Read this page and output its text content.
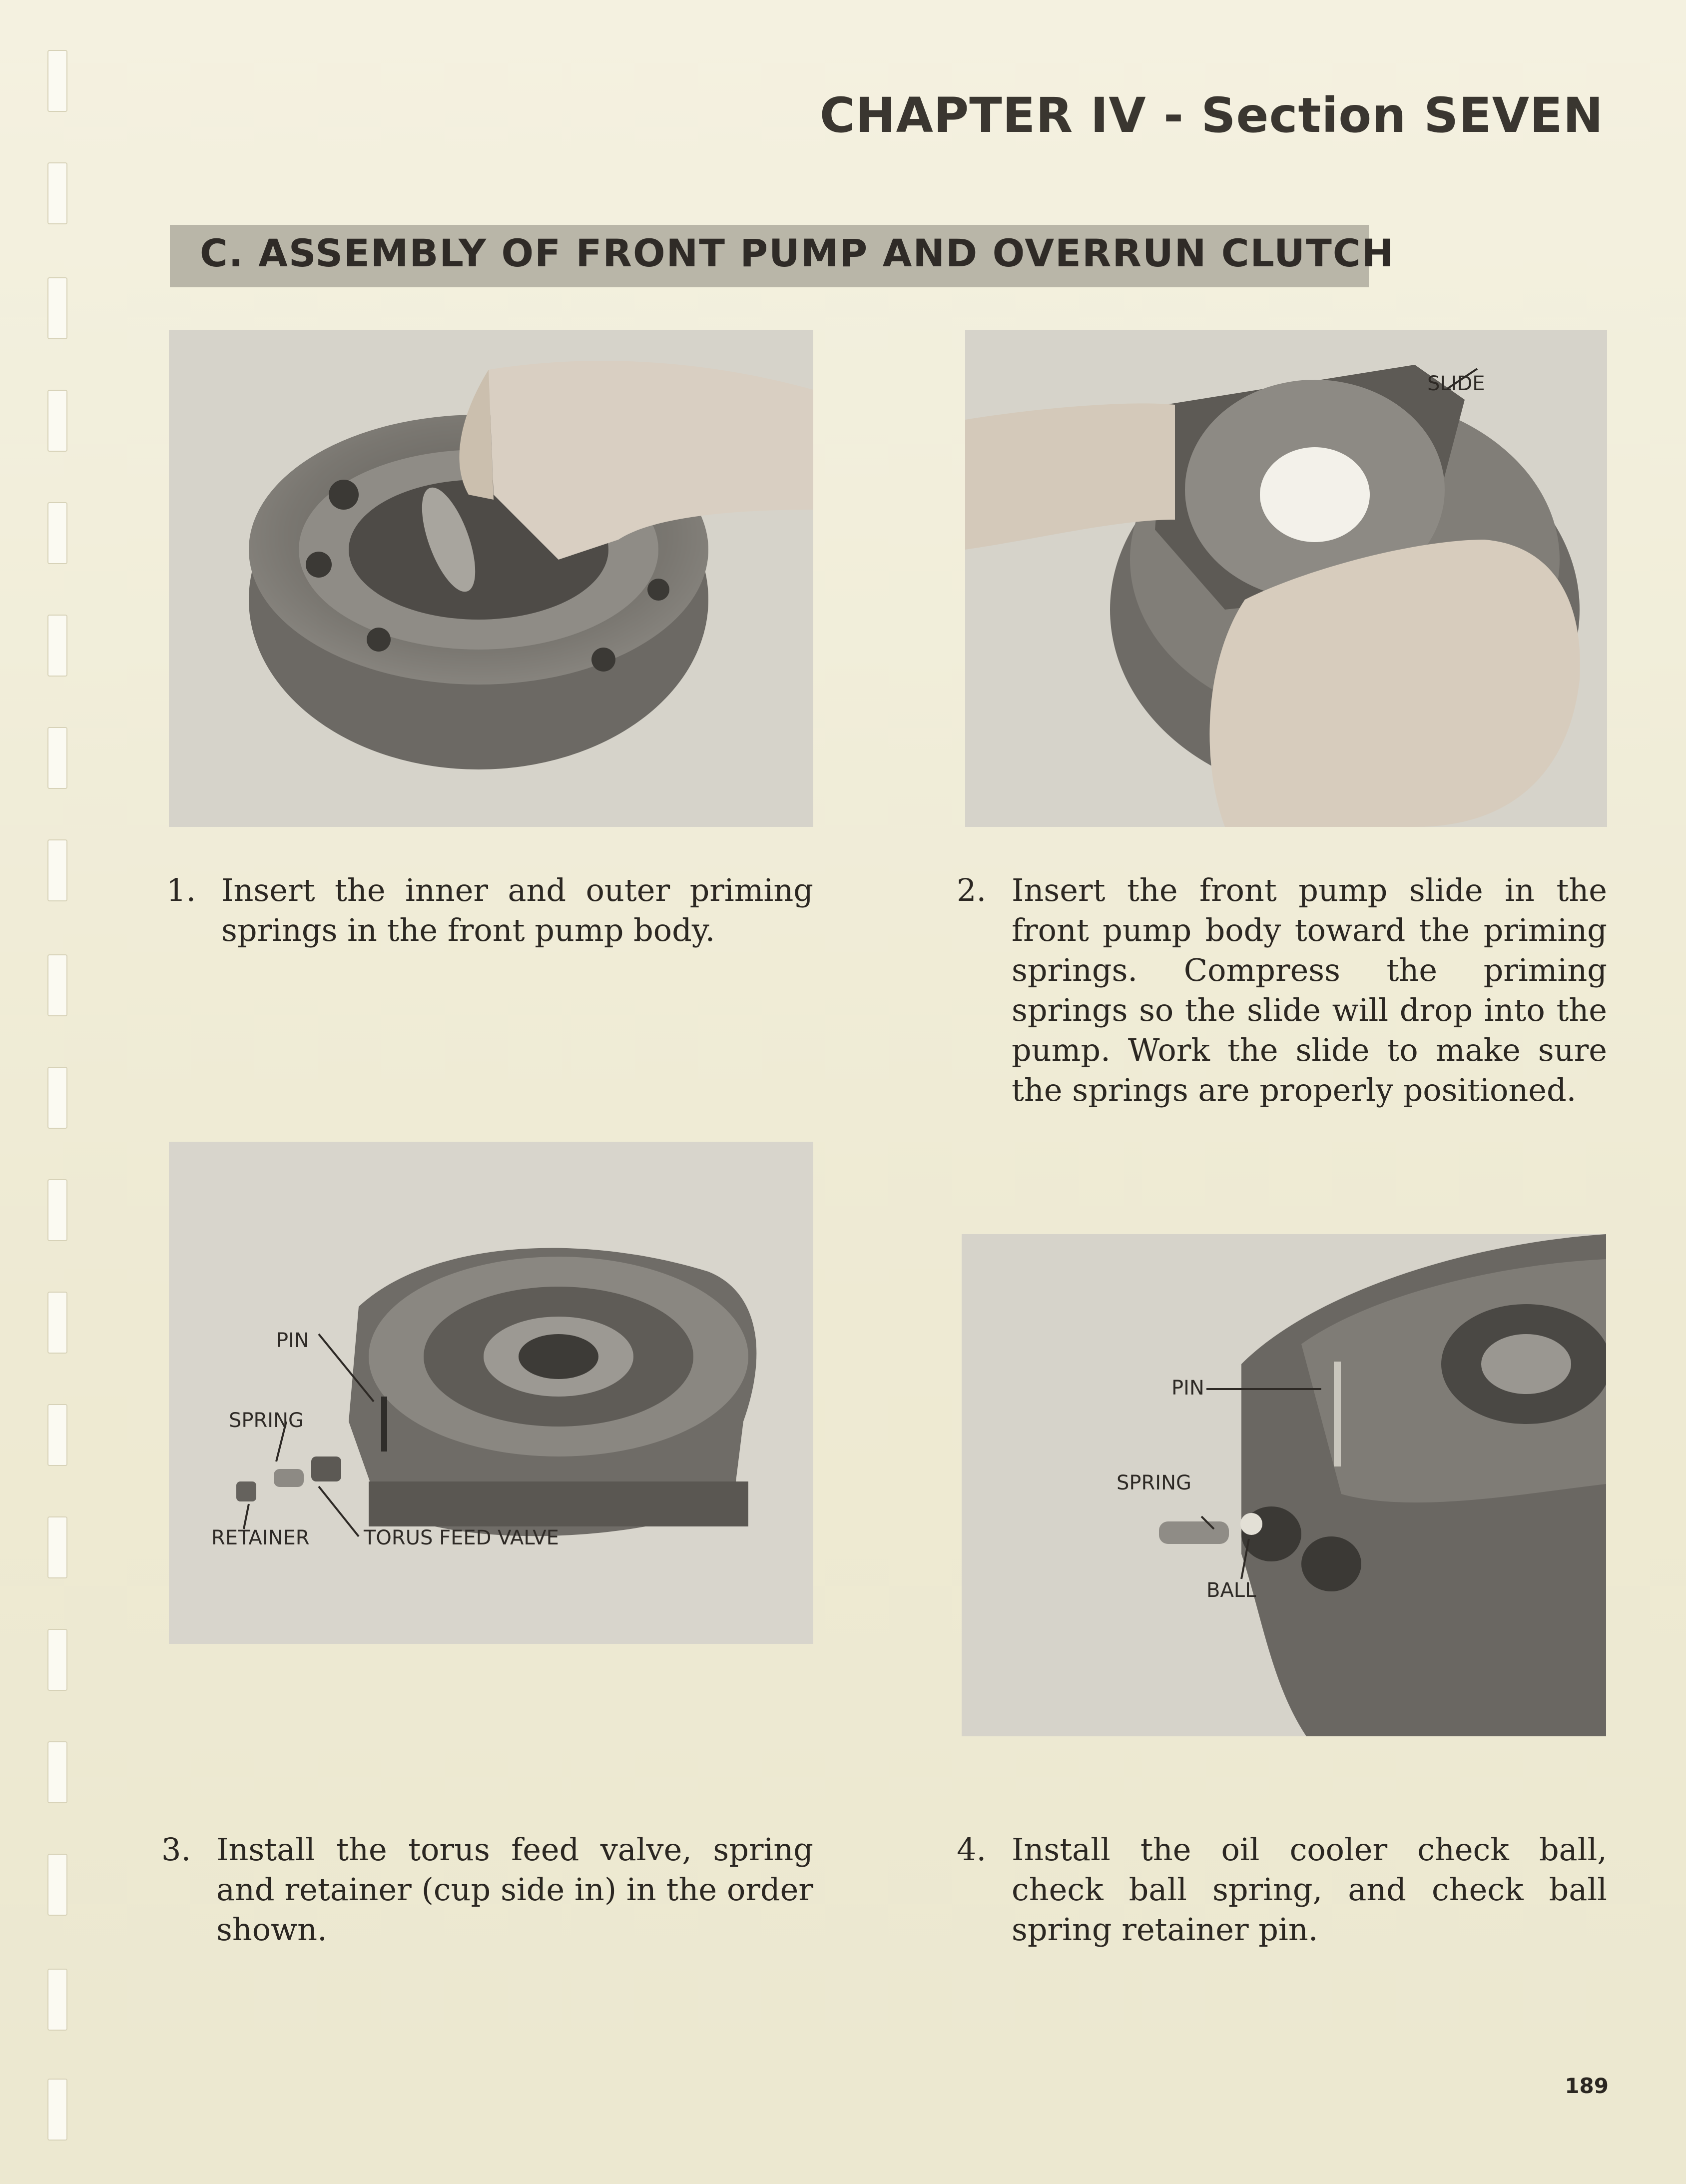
CHAPTER IV - Section SEVEN
C. ASSEMBLY OF FRONT PUMP AND OVERRUN CLUTCH
SLIDE
1. Insert the inner and outer priming springs in the front pump body.
2. Insert the front pump slide in the front pump body toward the priming springs. Compress the priming springs so the slide will drop into the pump. Work the slide to make sure the springs are properly positioned.
PIN
SPRING
RETAINER	TORUS FEED VALVE
PIN
SPRING
BALL
3. Install the torus feed valve, spring and retainer (cup side in) in the order shown.
4. Install the oil cooler check ball, check ball spring, and check ball spring retainer pin.
189
